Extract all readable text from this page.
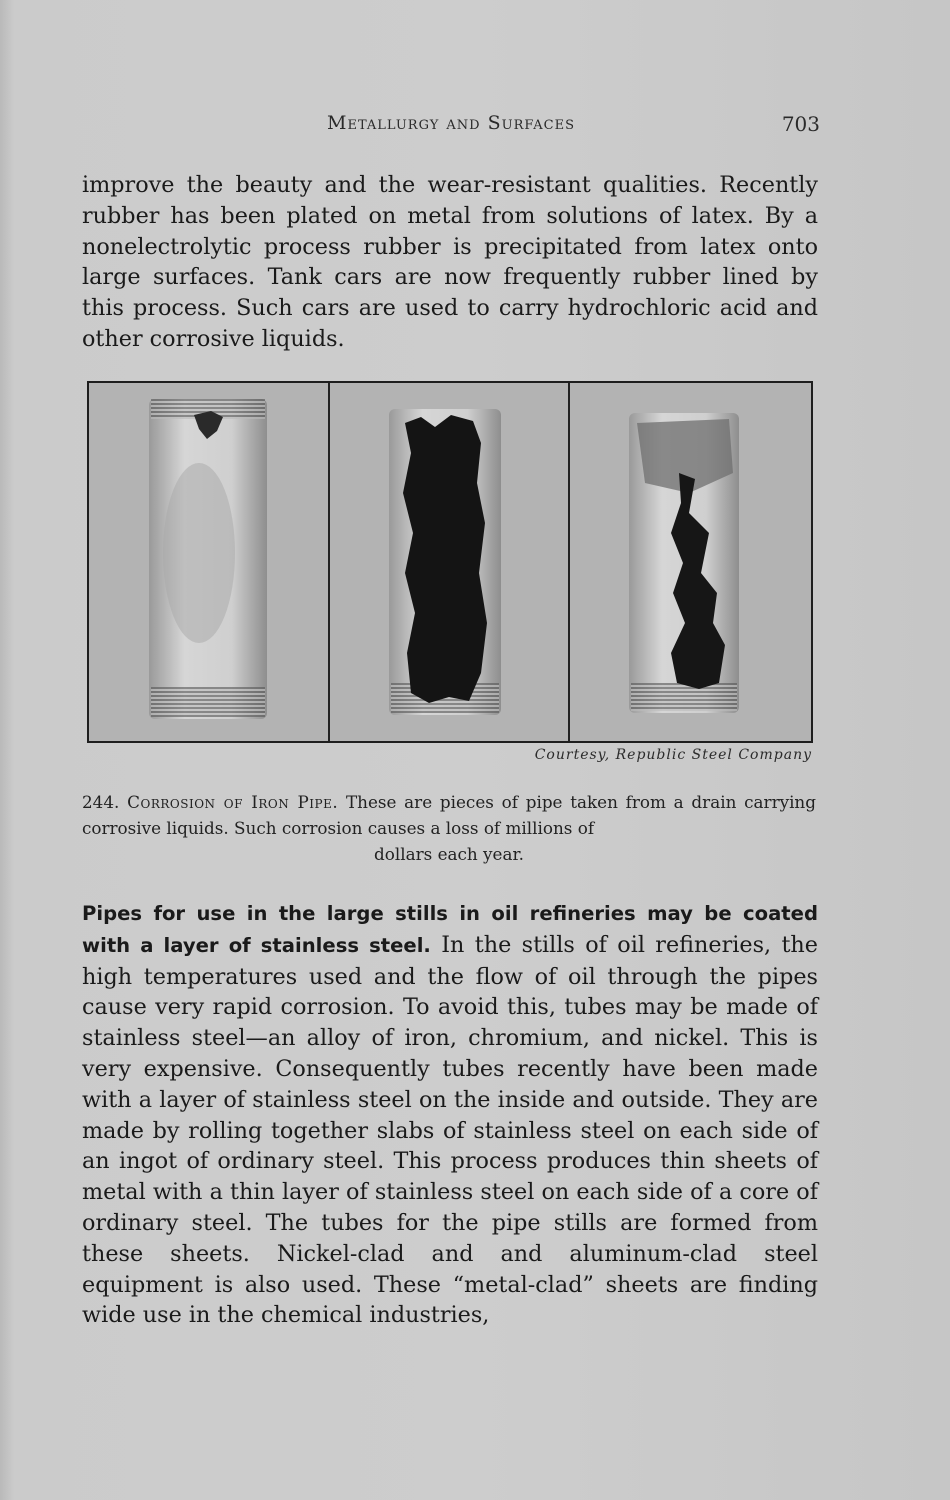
Metallurgy and Surfaces	703

improve the beauty and the wear-resistant qualities. Recently rubber has been plated on metal from solutions of latex. By a nonelectrolytic process rubber is precipitated from latex onto large surfaces. Tank cars are now frequently rubber lined by this process. Such cars are used to carry hydrochloric acid and other corrosive liquids.

Courtesy, Republic Steel Company

244. Corrosion of Iron Pipe. These are pieces of pipe taken from a drain carrying corrosive liquids. Such corrosion causes a loss of millions of
dollars each year.

Pipes for use in the large stills in oil refineries may be coated with a layer of stainless steel. In the stills of oil refineries, the high temperatures used and the flow of oil through the pipes cause very rapid corrosion. To avoid this, tubes may be made of stainless steel—an alloy of iron, chromium, and nickel. This is very expensive. Consequently tubes recently have been made with a layer of stainless steel on the inside and outside. They are made by rolling together slabs of stainless steel on each side of an ingot of ordinary steel. This process produces thin sheets of metal with a thin layer of stainless steel on each side of a core of ordinary steel. The tubes for the pipe stills are formed from these sheets. Nickel-clad and and aluminum-clad steel equipment is also used. These “metal-clad” sheets are finding wide use in the chemical industries,
